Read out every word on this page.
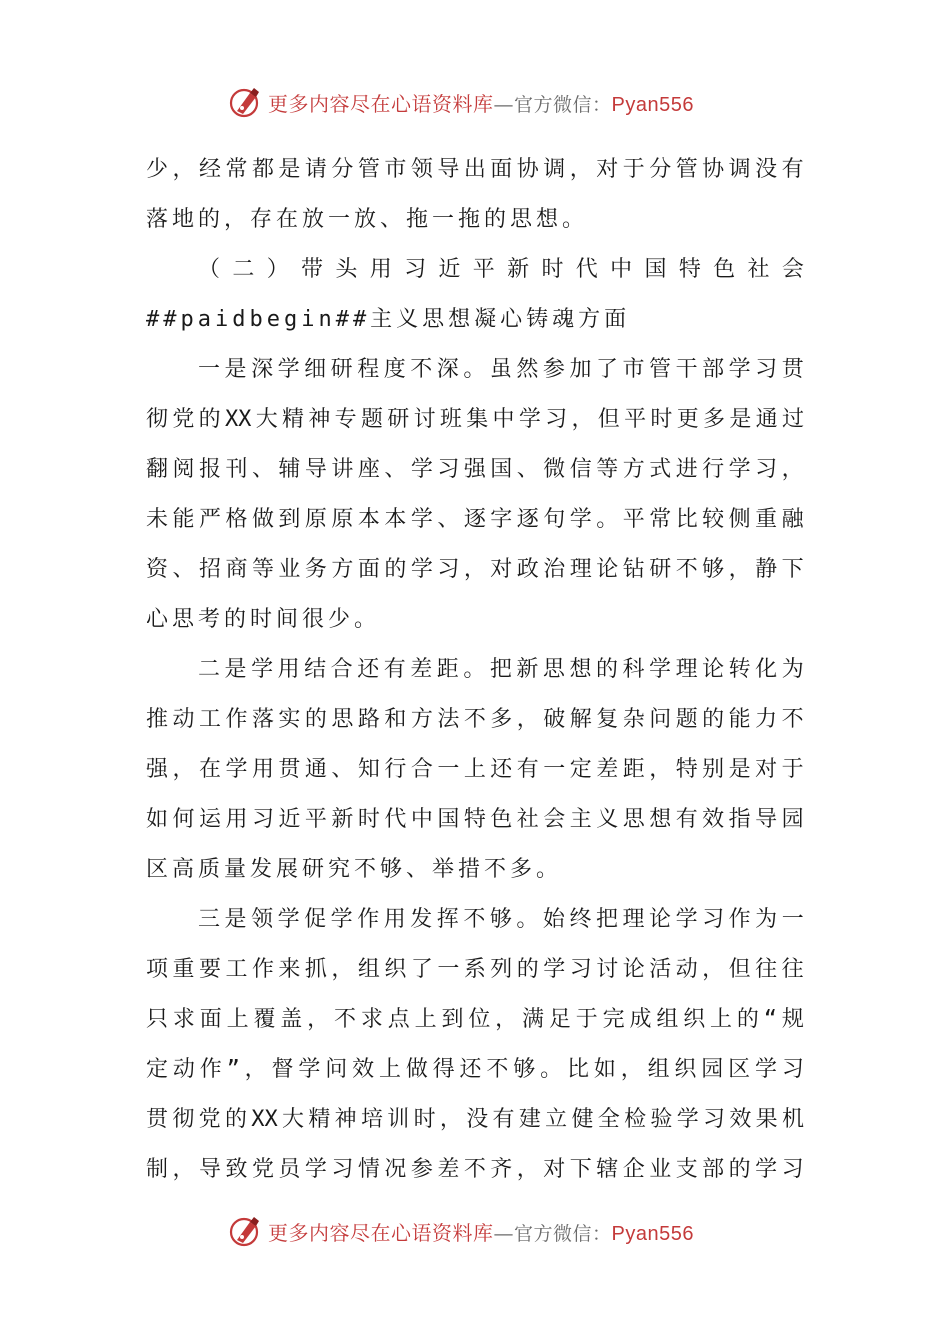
更多内容尽在心语资料库—官方微信：Pyan556
少 ， 经 常 都 是 请 分 管 市 领 导 出 面 协 调 ， 对 于 分 管 协 调 没 有
落地的，存在放一放、拖一拖的思想。
（ 二 ） 带 头 用 习 近 平 新 时 代 中 国 特 色 社 会
##paidbegin##主义思想凝心铸魂方面
一 是 深 学 细 研 程 度 不 深 。 虽 然 参 加 了 市 管 干 部 学 习 贯
彻 党 的 XX 大 精 神 专 题 研 讨 班 集 中 学 习 ， 但 平 时 更 多 是 通 过
翻 阅 报 刊 、 辅 导 讲 座 、 学 习 强 国 、 微 信 等 方 式 进 行 学 习 ，
未 能 严 格 做 到 原 原 本 本 学 、 逐 字 逐 句 学 。 平 常 比 较 侧 重 融
资 、 招 商 等 业 务 方 面 的 学 习 ， 对 政 治 理 论 钻 研 不 够 ， 静 下
心思考的时间很少。
二 是 学 用 结 合 还 有 差 距 。 把 新 思 想 的 科 学 理 论 转 化 为
推 动 工 作 落 实 的 思 路 和 方 法 不 多 ， 破 解 复 杂 问 题 的 能 力 不
强 ， 在 学 用 贯 通 、 知 行 合 一 上 还 有 一 定 差 距 ， 特 别 是 对 于
如 何 运 用 习 近 平 新 时 代 中 国 特 色 社 会 主 义 思 想 有 效 指 导 园
区高质量发展研究不够、举措不多。
三 是 领 学 促 学 作 用 发 挥 不 够 。 始 终 把 理 论 学 习 作 为 一
项 重 要 工 作 来 抓 ， 组 织 了 一 系 列 的 学 习 讨 论 活 动 ， 但 往 往
只 求 面 上 覆 盖 ， 不 求 点 上 到 位 ， 满 足 于 完 成 组 织 上 的 “ 规
定 动 作 ” ， 督 学 问 效 上 做 得 还 不 够 。 比 如 ， 组 织 园 区 学 习
贯 彻 党 的 XX 大 精 神 培 训 时 ， 没 有 建 立 健 全 检 验 学 习 效 果 机
制 ， 导 致 党 员 学 习 情 况 参 差 不 齐 ， 对 下 辖 企 业 支 部 的 学 习
更多内容尽在心语资料库—官方微信：Pyan556
